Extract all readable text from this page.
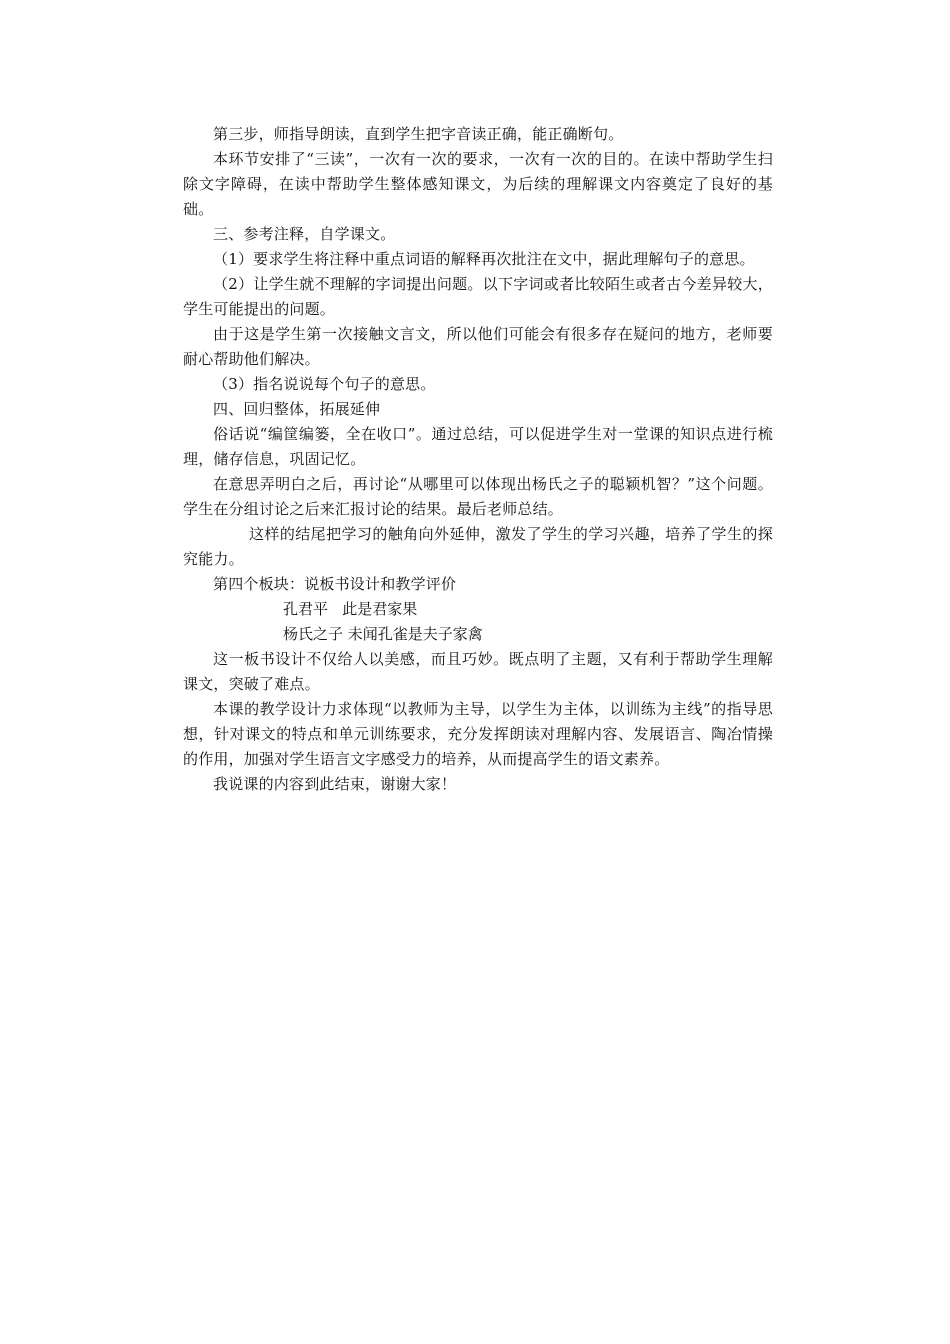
第三步，师指导朗读，直到学生把字音读正确，能正确断句。

本环节安排了“三读”，一次有一次的要求，一次有一次的目的。在读中帮助学生扫除文字障碍，在读中帮助学生整体感知课文，为后续的理解课文内容奠定了良好的基础。

三、参考注释，自学课文。

（1）要求学生将注释中重点词语的解释再次批注在文中，据此理解句子的意思。

（2）让学生就不理解的字词提出问题。以下字词或者比较陌生或者古今差异较大，学生可能提出的问题。

由于这是学生第一次接触文言文，所以他们可能会有很多存在疑问的地方，老师要耐心帮助他们解决。

（3）指名说说每个句子的意思。

四、回归整体，拓展延伸

俗话说“编筐编篓，全在收口”。通过总结，可以促进学生对一堂课的知识点进行梳理，储存信息，巩固记忆。

在意思弄明白之后，再讨论“从哪里可以体现出杨氏之子的聪颖机智？”这个问题。学生在分组讨论之后来汇报讨论的结果。最后老师总结。

这样的结尾把学习的触角向外延伸，激发了学生的学习兴趣，培养了学生的探究能力。

第四个板块：说板书设计和教学评价

孔君平   此是君家果

杨氏之子 未闻孔雀是夫子家禽

这一板书设计不仅给人以美感，而且巧妙。既点明了主题，又有利于帮助学生理解课文，突破了难点。

本课的教学设计力求体现“以教师为主导，以学生为主体，以训练为主线”的指导思想，针对课文的特点和单元训练要求，充分发挥朗读对理解内容、发展语言、陶冶情操的作用，加强对学生语言文字感受力的培养，从而提高学生的语文素养。

我说课的内容到此结束，谢谢大家！
